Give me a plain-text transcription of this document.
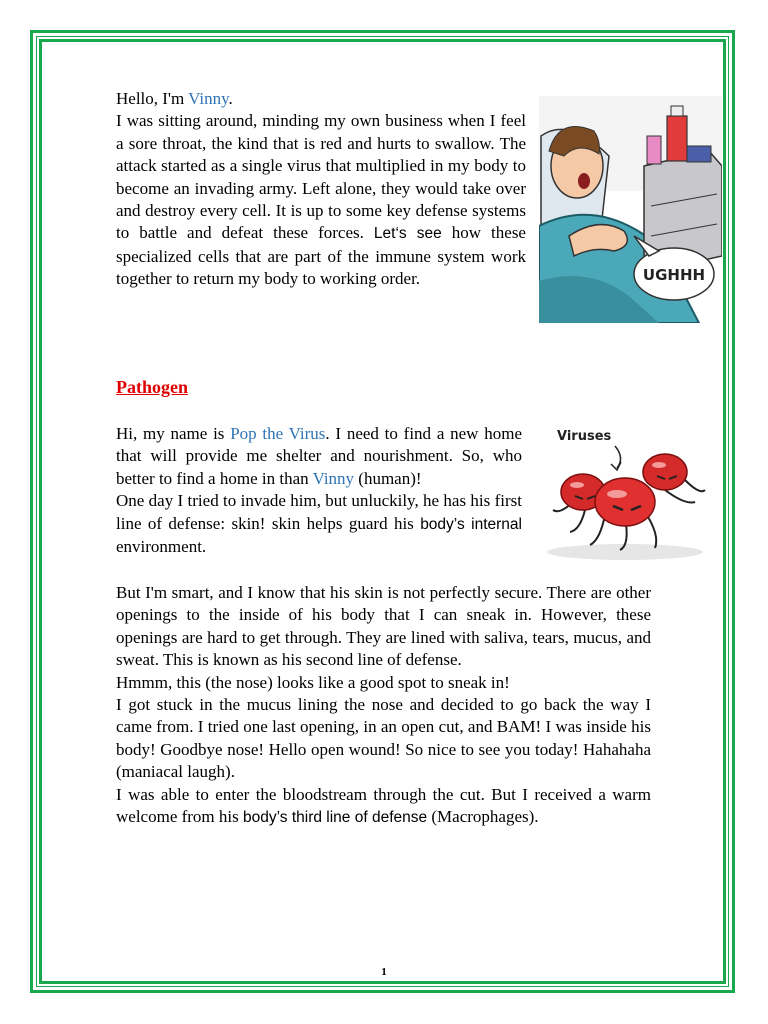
Hello, I'm Vinny.
I was sitting around, minding my own business when I feel a sore throat, the kind that is red and hurts to swallow. The attack started as a single virus that multiplied in my body to become an invading army. Left alone, they would take over and destroy every cell. It is up to some key defense systems to battle and defeat these forces. Let‘s see how these specialized cells that are part of the immune system work together to return my body to working order.	UGHHH
Pathogen
Hi, my name is Pop the Virus. I need to find a new home that will provide me shelter and nourishment. So, who better to find a home in than Vinny (human)!
One day I tried to invade him, but unluckily, he has his first line of defense: skin! skin helps guard his body’s internal environment.
Viruses
But I'm smart, and I know that his skin is not perfectly secure. There are other openings to the inside of his body that I can sneak in. However, these openings are hard to get through. They are lined with saliva, tears, mucus, and sweat. This is known as his second line of defense.
Hmmm, this (the nose) looks like a good spot to sneak in!
I got stuck in the mucus lining the nose and decided to go back the way I came from. I tried one last opening, in an open cut, and BAM! I was inside his body! Goodbye nose! Hello open wound! So nice to see you today! Hahahaha (maniacal laugh).
I was able to enter the bloodstream through the cut. But I received a warm welcome from his body’s third line of defense (Macrophages).
1
